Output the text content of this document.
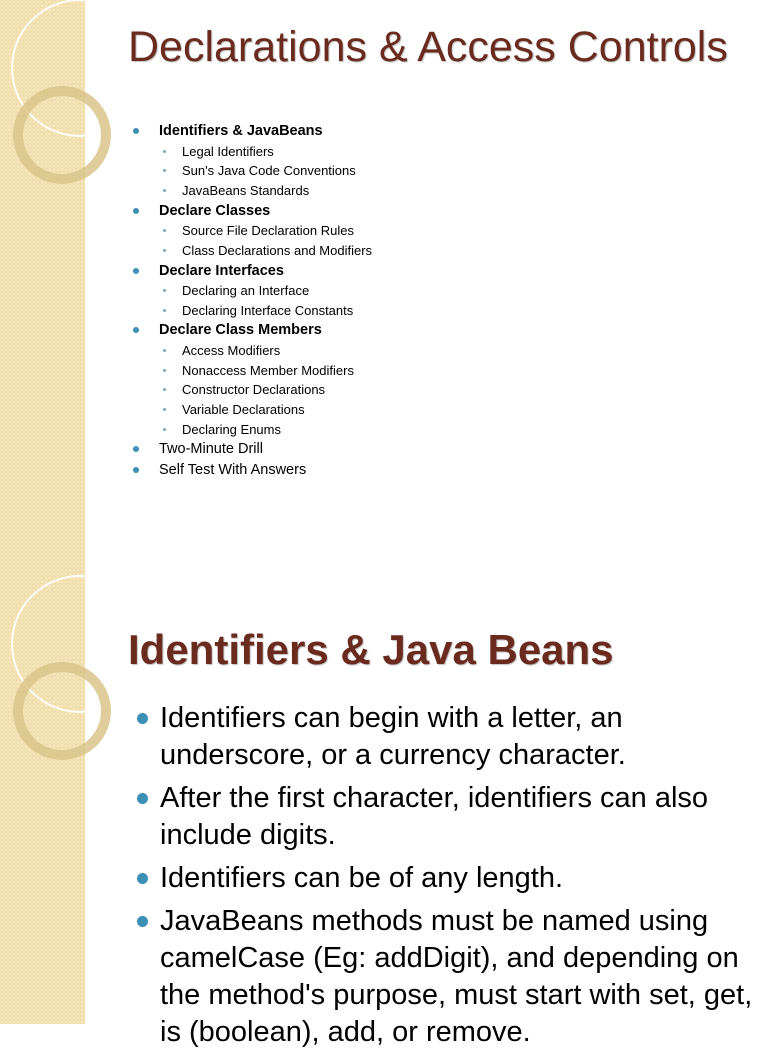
Declarations & Access Controls
Identifiers & JavaBeans
Legal Identifiers
Sun's Java Code Conventions
JavaBeans Standards
Declare Classes
Source File Declaration Rules
Class Declarations and Modifiers
Declare Interfaces
Declaring an Interface
Declaring Interface Constants
Declare Class Members
Access Modifiers
Nonaccess Member Modifiers
Constructor Declarations
Variable Declarations
Declaring Enums
Two-Minute Drill
Self Test With Answers
Identifiers & Java Beans
Identifiers can begin with a letter, an underscore, or a currency character.
After the first character, identifiers can also include digits.
Identifiers can be of any length.
JavaBeans methods must be named using camelCase (Eg: addDigit), and depending on the method's purpose, must start with set, get, is (boolean), add, or remove.
